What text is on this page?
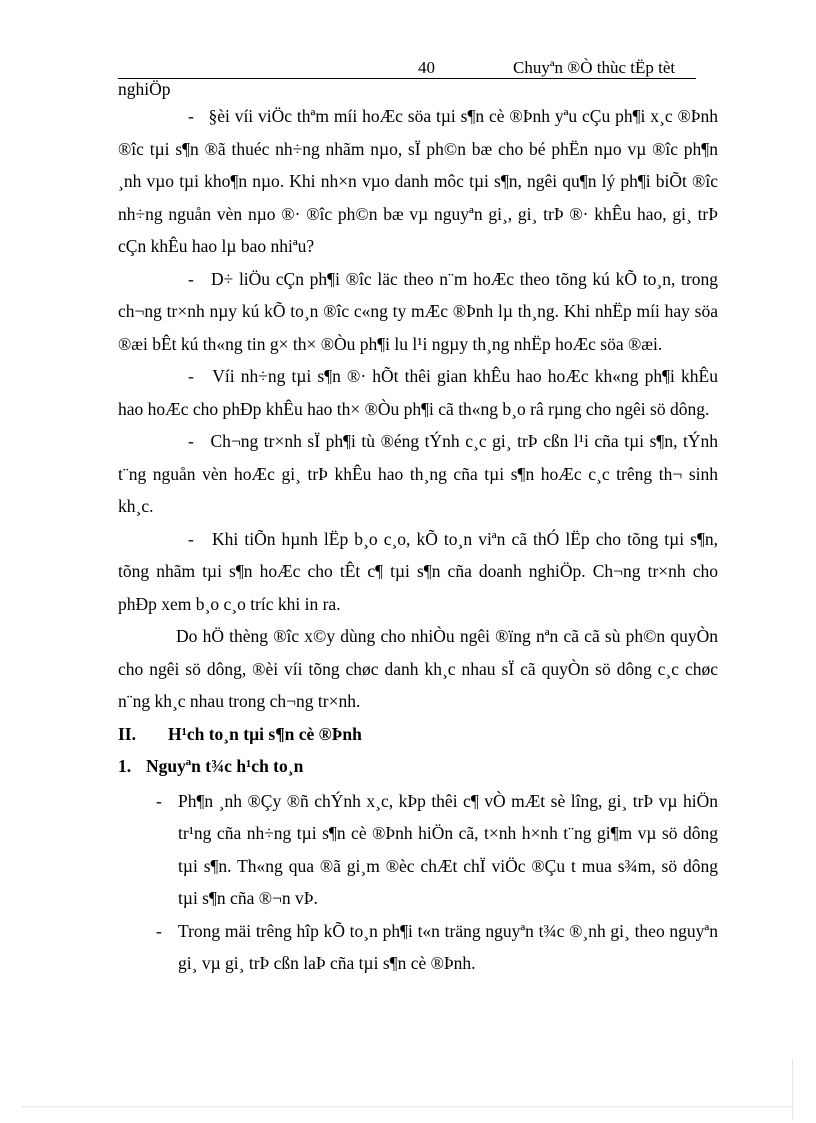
40	Chuyªn ®Ò thùc tËp tèt

nghiÖp

-   §èi víi viÖc thªm míi hoÆc söa tµi s¶n cè ®Þnh yªu cÇu ph¶i x¸c ®Þnh ®îc tµi s¶n ®ã thuéc nh÷ng nhãm nµo, sÏ ph©n bæ cho bé phËn nµo vµ ®îc ph¶n ¸nh vµo tµi kho¶n nµo. Khi nh×n vµo danh môc tµi s¶n, ngêi qu¶n lý ph¶i biÕt ®îc nh÷ng nguån vèn nµo ®· ®îc ph©n bæ vµ nguyªn gi¸, gi¸ trÞ ®· khÊu hao, gi¸ trÞ cÇn khÊu hao lµ bao nhiªu?

-   D÷ liÖu cÇn ph¶i ®îc läc theo n¨m hoÆc theo tõng kú kÕ to¸n, trong ch¬ng tr×nh nµy kú kÕ to¸n ®îc c«ng ty mÆc ®Þnh lµ th¸ng. Khi nhËp míi hay söa ®æi bÊt kú th«ng tin g× th× ®Òu ph¶i lu l¹i ngµy th¸ng nhËp hoÆc söa ®æi.

-   Víi nh÷ng tµi s¶n ®· hÕt thêi gian khÊu hao hoÆc kh«ng ph¶i khÊu hao hoÆc cho phÐp khÊu hao th× ®Òu ph¶i cã th«ng b¸o râ rµng cho ngêi sö dông.

-   Ch¬ng tr×nh sÏ ph¶i tù ®éng tÝnh c¸c gi¸ trÞ cßn l¹i cña tµi s¶n, tÝnh t¨ng nguån vèn hoÆc gi¸ trÞ khÊu hao th¸ng cña tµi s¶n hoÆc c¸c trêng th¬ sinh kh¸c.

-   Khi tiÕn hµnh lËp b¸o c¸o, kÕ to¸n viªn cã thÓ lËp cho tõng tµi s¶n, tõng nhãm tµi s¶n hoÆc cho tÊt c¶ tµi s¶n cña doanh nghiÖp. Ch¬ng tr×nh cho phÐp xem b¸o c¸o tríc khi in ra.

Do hÖ thèng ®îc x©y dùng cho nhiÒu ngêi ®ïng nªn cã cã sù ph©n quyÒn cho ngêi sö dông, ®èi víi tõng chøc danh kh¸c nhau sÏ cã quyÒn sö dông c¸c chøc n¨ng kh¸c nhau trong ch¬ng tr×nh.

II. H¹ch to¸n tµi s¶n cè ®Þnh

1. Nguyªn t¾c h¹ch to¸n

- Ph¶n ¸nh ®Çy ®ñ chÝnh x¸c, kÞp thêi c¶ vÒ mÆt sè lîng, gi¸ trÞ vµ hiÖn tr¹ng cña nh÷ng tµi s¶n cè ®Þnh hiÖn cã, t×nh h×nh t¨ng gi¶m vµ sö dông tµi s¶n. Th«ng qua ®ã gi¸m ®èc chÆt chÏ viÖc ®Çu t mua s¾m, sö dông tµi s¶n cña ®¬n vÞ.
- Trong mäi trêng hîp kÕ to¸n ph¶i t«n träng nguyªn t¾c ®¸nh gi¸ theo nguyªn gi¸ vµ gi¸ trÞ cßn laÞ cña tµi s¶n cè ®Þnh.
